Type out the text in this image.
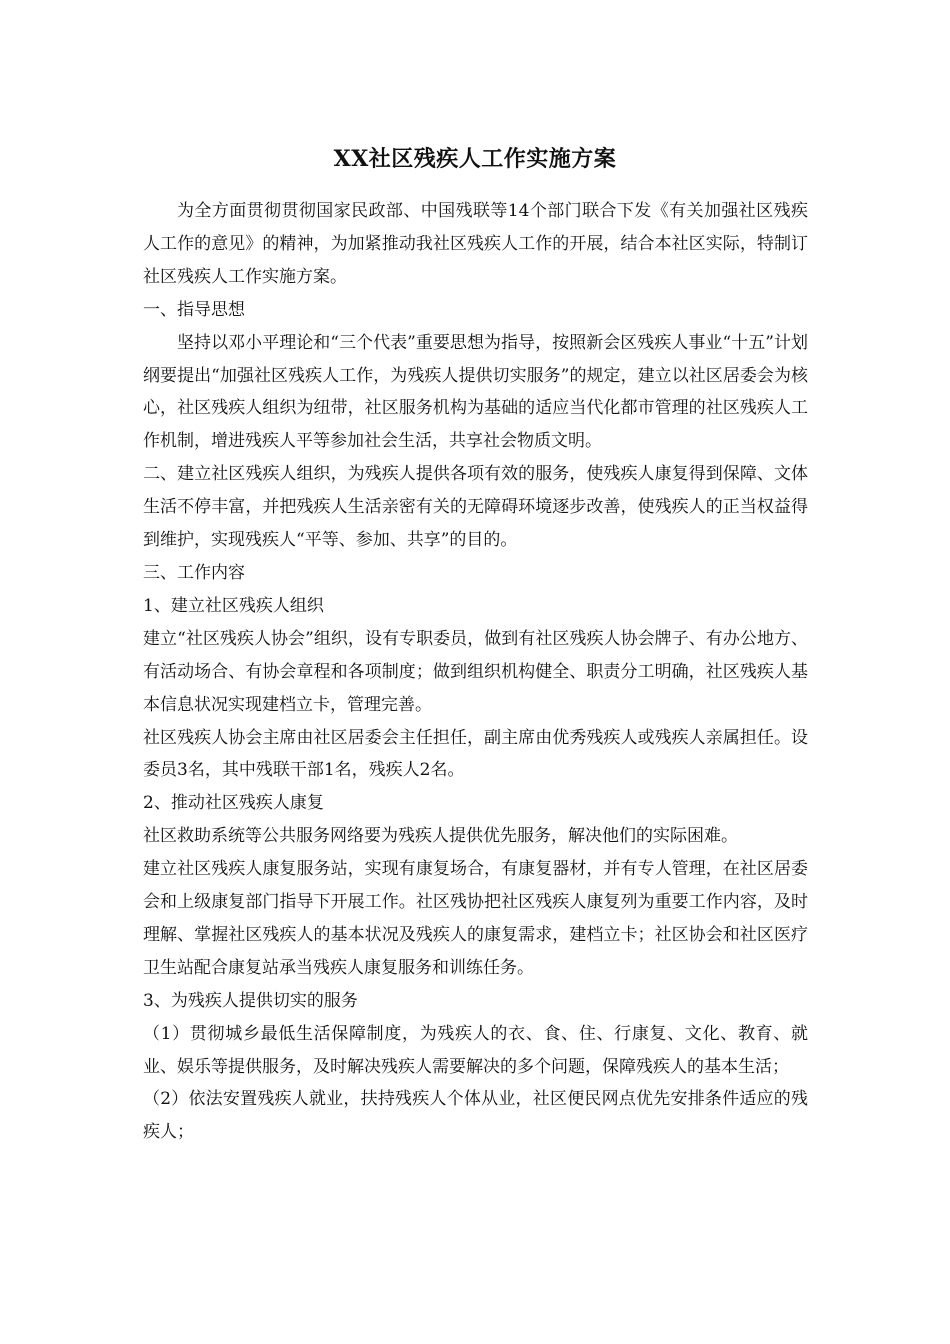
XX社区残疾人工作实施方案

为全方面贯彻贯彻国家民政部、中国残联等14个部门联合下发《有关加强社区残疾人工作的意见》的精神，为加紧推动我社区残疾人工作的开展，结合本社区实际，特制订社区残疾人工作实施方案。

一、指导思想

坚持以邓小平理论和“三个代表”重要思想为指导，按照新会区残疾人事业“十五”计划纲要提出“加强社区残疾人工作，为残疾人提供切实服务”的规定，建立以社区居委会为核心，社区残疾人组织为纽带，社区服务机构为基础的适应当代化都市管理的社区残疾人工作机制，增进残疾人平等参加社会生活，共享社会物质文明。

二、建立社区残疾人组织，为残疾人提供各项有效的服务，使残疾人康复得到保障、文体生活不停丰富，并把残疾人生活亲密有关的无障碍环境逐步改善，使残疾人的正当权益得到维护，实现残疾人“平等、参加、共享”的目的。

三、工作内容

1、建立社区残疾人组织

建立“社区残疾人协会”组织，设有专职委员，做到有社区残疾人协会牌子、有办公地方、有活动场合、有协会章程和各项制度；做到组织机构健全、职责分工明确，社区残疾人基本信息状况实现建档立卡，管理完善。

社区残疾人协会主席由社区居委会主任担任，副主席由优秀残疾人或残疾人亲属担任。设委员3名，其中残联干部1名，残疾人2名。

2、推动社区残疾人康复

社区救助系统等公共服务网络要为残疾人提供优先服务，解决他们的实际困难。

建立社区残疾人康复服务站，实现有康复场合，有康复器材，并有专人管理，在社区居委会和上级康复部门指导下开展工作。社区残协把社区残疾人康复列为重要工作内容，及时理解、掌握社区残疾人的基本状况及残疾人的康复需求，建档立卡；社区协会和社区医疗卫生站配合康复站承当残疾人康复服务和训练任务。

3、为残疾人提供切实的服务

（1）贯彻城乡最低生活保障制度，为残疾人的衣、食、住、行康复、文化、教育、就业、娱乐等提供服务，及时解决残疾人需要解决的多个问题，保障残疾人的基本生活；

（2）依法安置残疾人就业，扶持残疾人个体从业，社区便民网点优先安排条件适应的残疾人；
